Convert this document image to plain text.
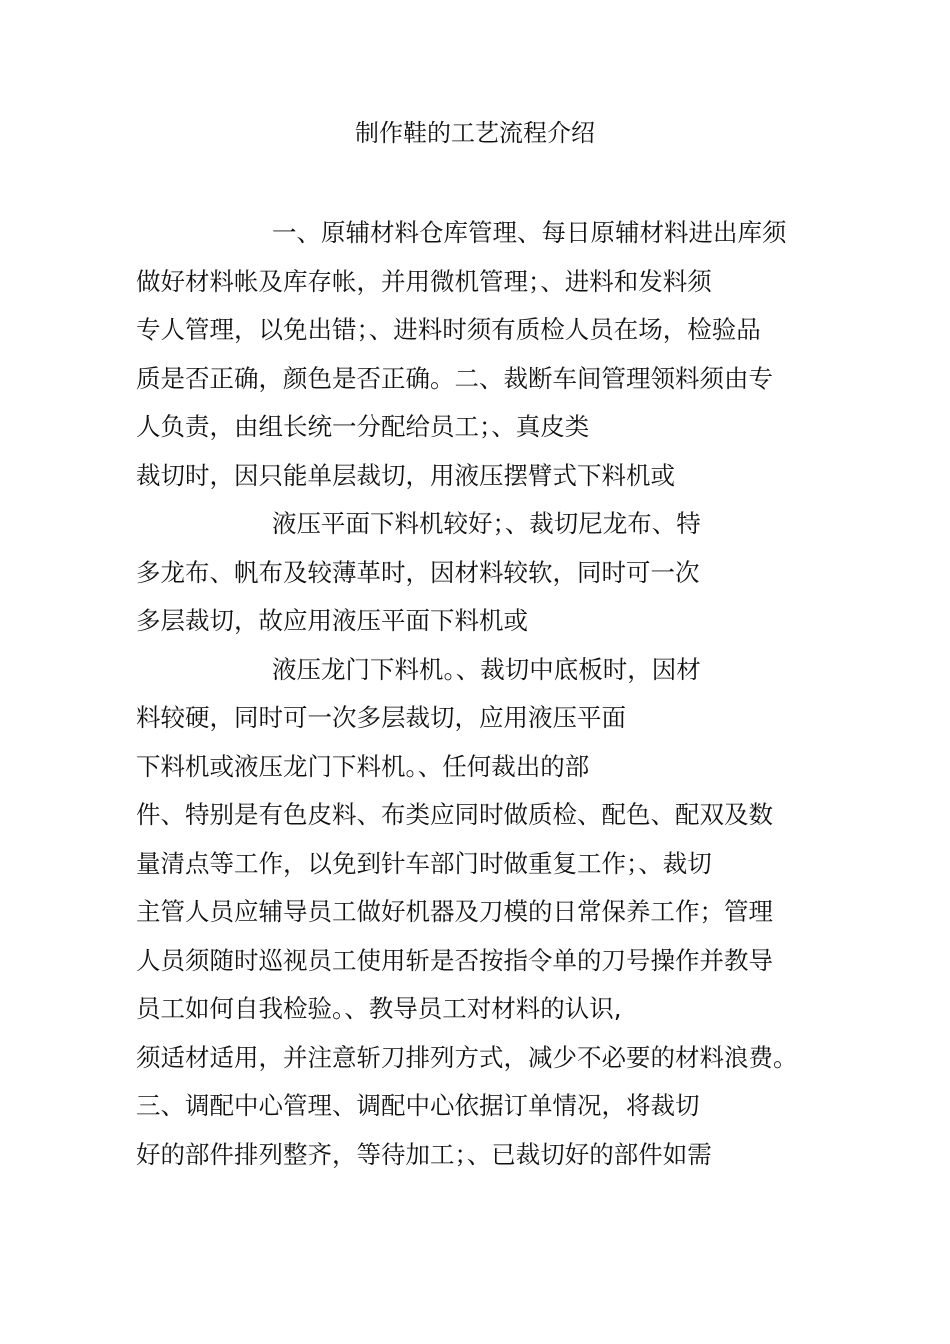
制作鞋的工艺流程介绍
一、原辅材料仓库管理、每日原辅材料进出库须
做好材料帐及库存帐，并用微机管理；、进料和发料须
专人管理，以免出错；、进料时须有质检人员在场，检验品
质是否正确，颜色是否正确。二、裁断车间管理领料须由专
人负责，由组长统一分配给员工；、真皮类
裁切时，因只能单层裁切，用液压摆臂式下料机或
液压平面下料机较好；、裁切尼龙布、特
多龙布、帆布及较薄革时，因材料较软，同时可一次
多层裁切，故应用液压平面下料机或
液压龙门下料机。、裁切中底板时，因材
料较硬，同时可一次多层裁切，应用液压平面
下料机或液压龙门下料机。、任何裁出的部
件、特别是有色皮料、布类应同时做质检、配色、配双及数
量清点等工作，以免到针车部门时做重复工作；、裁切
主管人员应辅导员工做好机器及刀模的日常保养工作；管理
人员须随时巡视员工使用斩是否按指令单的刀号操作并教导
员工如何自我检验。、教导员工对材料的认识,
须适材适用，并注意斩刀排列方式，减少不必要的材料浪费。
三、调配中心管理、调配中心依据订单情况，将裁切
好的部件排列整齐，等待加工；、已裁切好的部件如需
